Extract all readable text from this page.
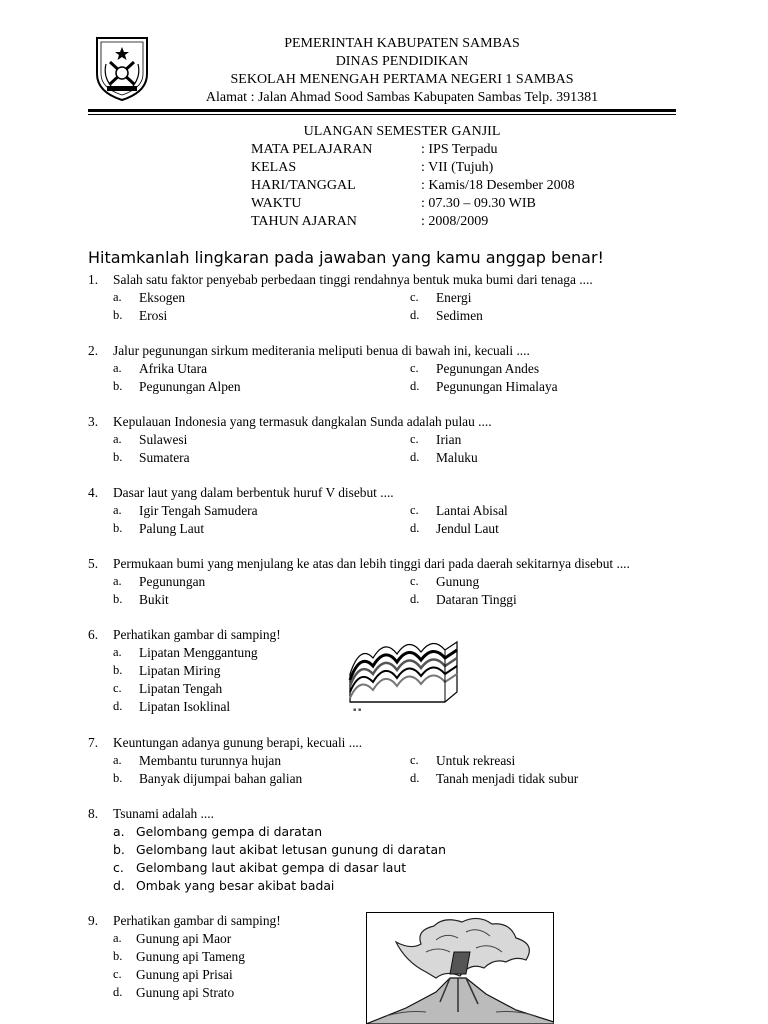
PEMERINTAH KABUPATEN SAMBAS
DINAS PENDIDIKAN
SEKOLAH MENENGAH PERTAMA NEGERI 1 SAMBAS
Alamat : Jalan Ahmad Sood Sambas Kabupaten Sambas Telp. 391381
ULANGAN SEMESTER GANJIL
MATA PELAJARAN	: IPS Terpadu
KELAS	: VII (Tujuh)
HARI/TANGGAL	: Kamis/18 Desember 2008
WAKTU	: 07.30 – 09.30 WIB
TAHUN AJARAN	: 2008/2009
Hitamkanlah lingkaran pada jawaban yang kamu anggap benar!
1. Salah satu faktor penyebab perbedaan tinggi rendahnya bentuk muka bumi dari tenaga ....
a. Eksogen
b. Erosi
c. Energi
d. Sedimen
2. Jalur pegunungan sirkum mediterania meliputi benua di bawah ini, kecuali ....
a. Afrika Utara
b. Pegunungan Alpen
c. Pegunungan Andes
d. Pegunungan Himalaya
3. Kepulauan Indonesia yang termasuk dangkalan Sunda adalah pulau ....
a. Sulawesi
b. Sumatera
c. Irian
d. Maluku
4. Dasar laut yang dalam berbentuk huruf V disebut ....
a. Igir Tengah Samudera
b. Palung Laut
c. Lantai Abisal
d. Jendul Laut
5. Permukaan bumi yang menjulang ke atas dan lebih tinggi dari pada daerah sekitarnya disebut ....
a. Pegunungan
b. Bukit
c. Gunung
d. Dataran Tinggi
6. Perhatikan gambar di samping!
a. Lipatan Menggantung
b. Lipatan Miring
c. Lipatan Tengah
d. Lipatan Isoklinal	▪ ▪
7. Keuntungan adanya gunung berapi, kecuali ....
a. Membantu turunnya hujan
b. Banyak dijumpai bahan galian
c. Untuk rekreasi
d. Tanah menjadi tidak subur
8. Tsunami adalah ....
a. Gelombang gempa di daratan
b. Gelombang laut akibat letusan gunung di daratan
c. Gelombang laut akibat gempa di dasar laut
d. Ombak yang besar akibat badai
9. Perhatikan gambar di samping!
a. Gunung api Maor
b. Gunung api Tameng
c. Gunung api Prisai
d. Gunung api Strato
